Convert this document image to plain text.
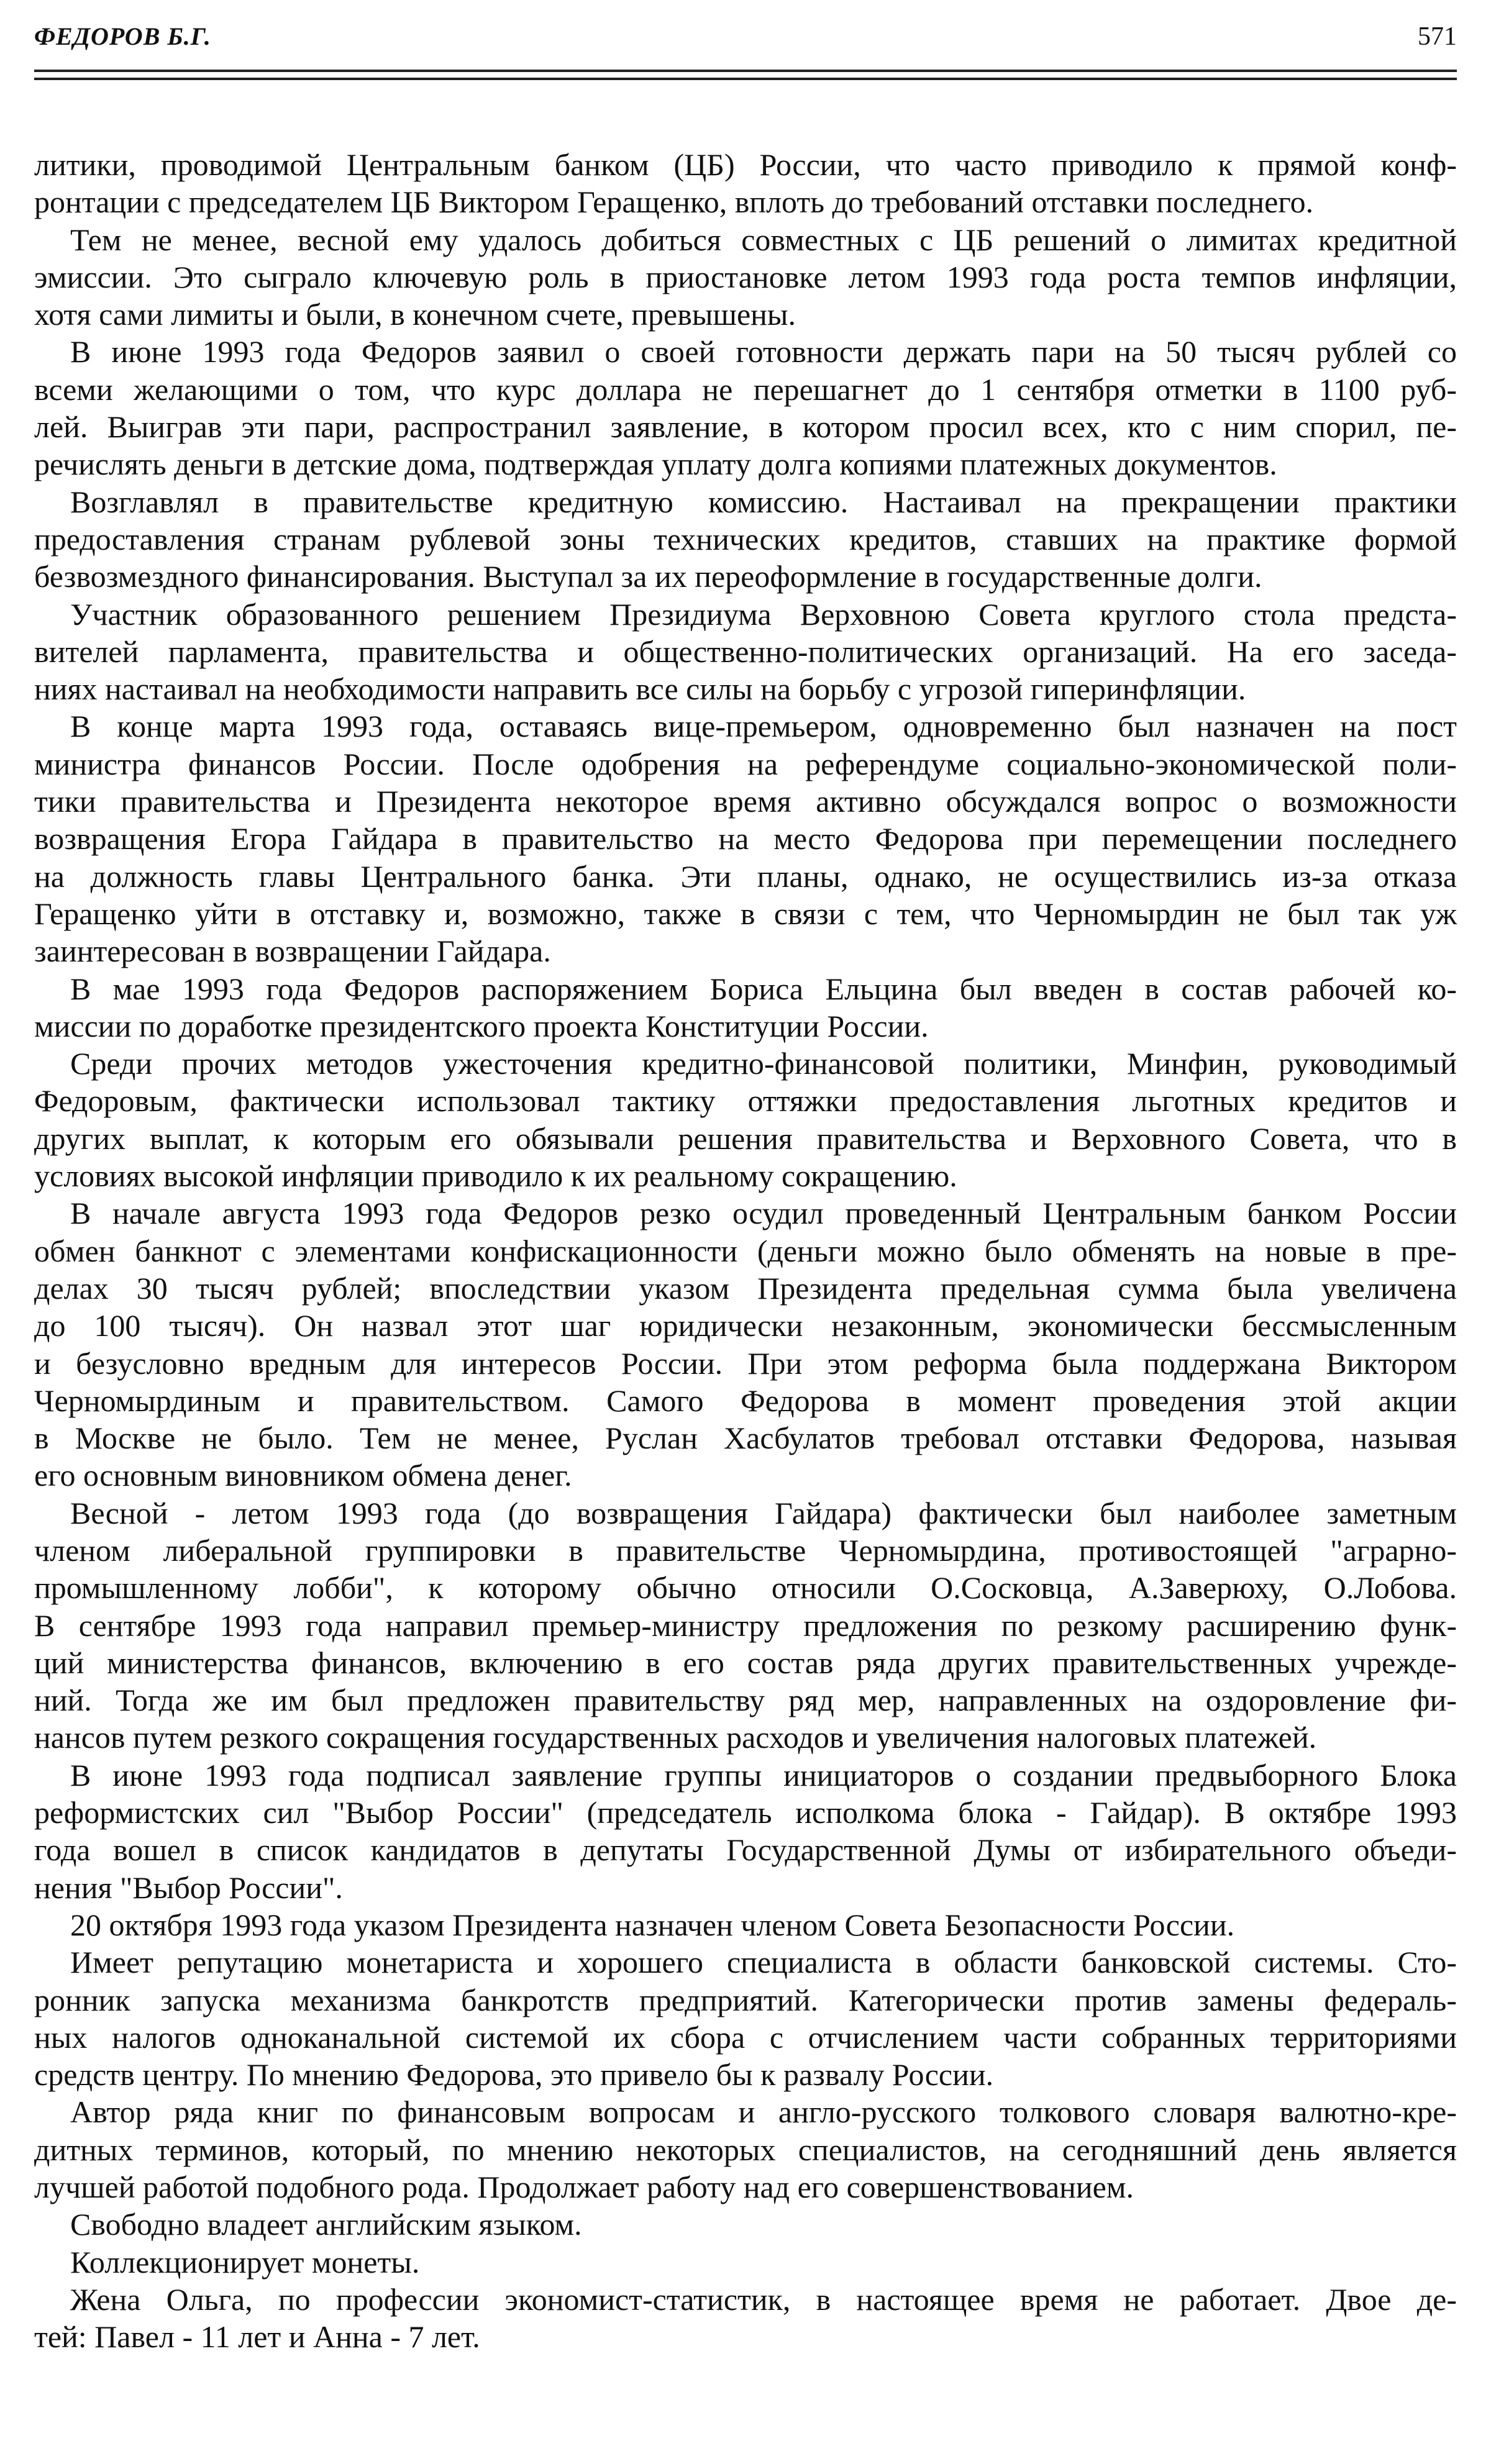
ФЕДОРОВ Б.Г.	571
литики, проводимой Центральным банком (ЦБ) России, что часто приводило к прямой конф-
ронтации с председателем ЦБ Виктором Геращенко, вплоть до требований отставки последнего.
Тем не менее, весной ему удалось добиться совместных с ЦБ решений о лимитах кредитной
эмиссии. Это сыграло ключевую роль в приостановке летом 1993 года роста темпов инфляции,
хотя сами лимиты и были, в конечном счете, превышены.
В июне 1993 года Федоров заявил о своей готовности держать пари на 50 тысяч рублей со
всеми желающими о том, что курс доллара не перешагнет до 1 сентября отметки в 1100 руб-
лей. Выиграв эти пари, распространил заявление, в котором просил всех, кто с ним спорил, пе-
речислять деньги в детские дома, подтверждая уплату долга копиями платежных документов.
Возглавлял в правительстве кредитную комиссию. Настаивал на прекращении практики
предоставления странам рублевой зоны технических кредитов, ставших на практике формой
безвозмездного финансирования. Выступал за их переоформление в государственные долги.
Участник образованного решением Президиума Верховною Совета круглого стола предста-
вителей парламента, правительства и общественно-политических организаций. На его заседа-
ниях настаивал на необходимости направить все силы на борьбу с угрозой гиперинфляции.
В конце марта 1993 года, оставаясь вице-премьером, одновременно был назначен на пост
министра финансов России. После одобрения на референдуме социально-экономической поли-
тики правительства и Президента некоторое время активно обсуждался вопрос о возможности
возвращения Егора Гайдара в правительство на место Федорова при перемещении последнего
на должность главы Центрального банка. Эти планы, однако, не осуществились из-за отказа
Геращенко уйти в отставку и, возможно, также в связи с тем, что Черномырдин не был так уж
заинтересован в возвращении Гайдара.
В мае 1993 года Федоров распоряжением Бориса Ельцина был введен в состав рабочей ко-
миссии по доработке президентского проекта Конституции России.
Среди прочих методов ужесточения кредитно-финансовой политики, Минфин, руководимый
Федоровым, фактически использовал тактику оттяжки предоставления льготных кредитов и
других выплат, к которым его обязывали решения правительства и Верховного Совета, что в
условиях высокой инфляции приводило к их реальному сокращению.
В начале августа 1993 года Федоров резко осудил проведенный Центральным банком России
обмен банкнот с элементами конфискационности (деньги можно было обменять на новые в пре-
делах 30 тысяч рублей; впоследствии указом Президента предельная сумма была увеличена
до 100 тысяч). Он назвал этот шаг юридически незаконным, экономически бессмысленным
и безусловно вредным для интересов России. При этом реформа была поддержана Виктором
Черномырдиным и правительством. Самого Федорова в момент проведения этой акции
в Москве не было. Тем не менее, Руслан Хасбулатов требовал отставки Федорова, называя
его основным виновником обмена денег.
Весной - летом 1993 года (до возвращения Гайдара) фактически был наиболее заметным
членом либеральной группировки в правительстве Черномырдина, противостоящей "аграрно-
промышленному лобби", к которому обычно относили О.Сосковца, А.Заверюху, О.Лобова.
В сентябре 1993 года направил премьер-министру предложения по резкому расширению функ-
ций министерства финансов, включению в его состав ряда других правительственных учрежде-
ний. Тогда же им был предложен правительству ряд мер, направленных на оздоровление фи-
нансов путем резкого сокращения государственных расходов и увеличения налоговых платежей.
В июне 1993 года подписал заявление группы инициаторов о создании предвыборного Блока
реформистских сил "Выбор России" (председатель исполкома блока - Гайдар). В октябре 1993
года вошел в список кандидатов в депутаты Государственной Думы от избирательного объеди-
нения "Выбор России".
20 октября 1993 года указом Президента назначен членом Совета Безопасности России.
Имеет репутацию монетариста и хорошего специалиста в области банковской системы. Сто-
ронник запуска механизма банкротств предприятий. Категорически против замены федераль-
ных налогов одноканальной системой их сбора с отчислением части собранных территориями
средств центру. По мнению Федорова, это привело бы к развалу России.
Автор ряда книг по финансовым вопросам и англо-русского толкового словаря валютно-кре-
дитных терминов, который, по мнению некоторых специалистов, на сегодняшний день является
лучшей работой подобного рода. Продолжает работу над его совершенствованием.
Свободно владеет английским языком.
Коллекционирует монеты.
Жена Ольга, по профессии экономист-статистик, в настоящее время не работает. Двое де-
тей: Павел - 11 лет и Анна - 7 лет.
